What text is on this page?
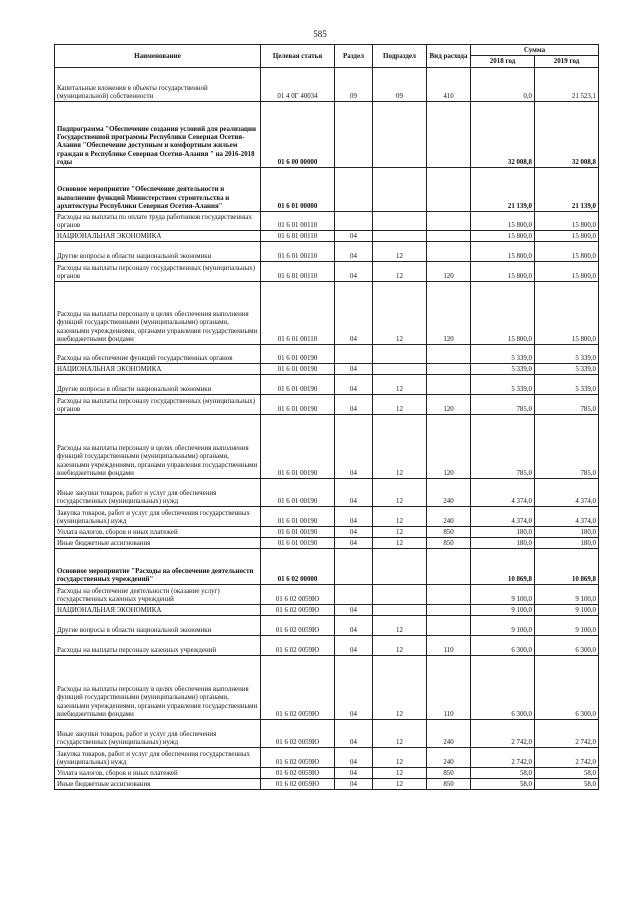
585
Наименование	Целевая статья	Раздел	Подраздел	Вид расхода	Сумма	
					2018 год	2019 год
Капитальные вложения в объекты государственной (муниципальной) собственности	01 4 0Г 40034	09	09	410	0,0	21 523,1
Подпрограмма "Обеспечение создания условий для реализации Государственной программы Республики Северная Осетия-Алания "Обеспечение доступным и комфортным жильем граждан в Республике Северная Осетия-Алания " на 2016-2018 годы	01 6 00 00000				32 008,8	32 008,8
Основное мероприятие "Обеспечение деятельности и выполнение функций Министерством строительства и архитектуры Республики Северная Осетия-Алания"	01 6 01 00000				21 139,0	21 139,0
Расходы на выплаты по оплате труда работников государственных органов	01 6 01 00110				15 800,0	15 800,0
НАЦИОНАЛЬНАЯ ЭКОНОМИКА	01 6 01 00110	04			15 800,0	15 800,0
Другие вопросы в области национальной экономики	01 6 01 00110	04	12		15 800,0	15 800,0
Расходы на выплаты персоналу государственных (муниципальных) органов	01 6 01 00110	04	12	120	15 800,0	15 800,0
Расходы на выплаты персоналу в целях обеспечения выполнения функций государственными (муниципальными) органами, казенными учреждениями, органами управления государственными внебюджетными фондами	01 6 01 00110	04	12	120	15 800,0	15 800,0
Расходы на обеспечение функций государственных органов	01 6 01 00190				5 339,0	5 339,0
НАЦИОНАЛЬНАЯ ЭКОНОМИКА	01 6 01 00190	04			5 339,0	5 339,0
Другие вопросы в области национальной экономики	01 6 01 00190	04	12		5 339,0	5 339,0
Расходы на выплаты персоналу государственных (муниципальных) органов	01 6 01 00190	04	12	120	785,0	785,0
Расходы на выплаты персоналу в целях обеспечения выполнения функций государственными (муниципальными) органами, казенными учреждениями, органами управления государственными внебюджетными фондами	01 6 01 00190	04	12	120	785,0	785,0
Иные закупки товаров, работ и услуг для обеспечения государственных (муниципальных) нужд	01 6 01 00190	04	12	240	4 374,0	4 374,0
Закупка товаров, работ и услуг для обеспечения государственных (муниципальных) нужд	01 6 01 00190	04	12	240	4 374,0	4 374,0
Уплата налогов, сборов и иных платежей	01 6 01 00190	04	12	850	180,0	180,0
Иные бюджетные ассигнования	01 6 01 00190	04	12	850	180,0	180,0
Основное мероприятие "Расходы на обеспечение деятельности государственных учреждений"	01 6 02 00000				10 869,8	10 869,8
Расходы на обеспечение деятельности (оказание услуг) государственных казенных учреждений	01 6 02 0059Ю				9 100,0	9 100,0
НАЦИОНАЛЬНАЯ ЭКОНОМИКА	01 6 02 0059Ю	04			9 100,0	9 100,0
Другие вопросы в области национальной экономики	01 6 02 0059Ю	04	12		9 100,0	9 100,0
Расходы на выплаты персоналу казенных учреждений	01 6 02 0059Ю	04	12	110	6 300,0	6 300,0
Расходы на выплаты персоналу в целях обеспечения выполнения функций государственными (муниципальными) органами, казенными учреждениями, органами управления государственными внебюджетными фондами	01 6 02 0059Ю	04	12	110	6 300,0	6 300,0
Иные закупки товаров, работ и услуг для обеспечения государственных (муниципальных) нужд	01 6 02 0059Ю	04	12	240	2 742,0	2 742,0
Закупка товаров, работ и услуг для обеспечения государственных (муниципальных) нужд	01 6 02 0059Ю	04	12	240	2 742,0	2 742,0
Уплата налогов, сборов и иных платежей	01 6 02 0059Ю	04	12	850	58,0	58,0
Иные бюджетные ассигнования	01 6 02 0059Ю	04	12	850	58,0	58,0
